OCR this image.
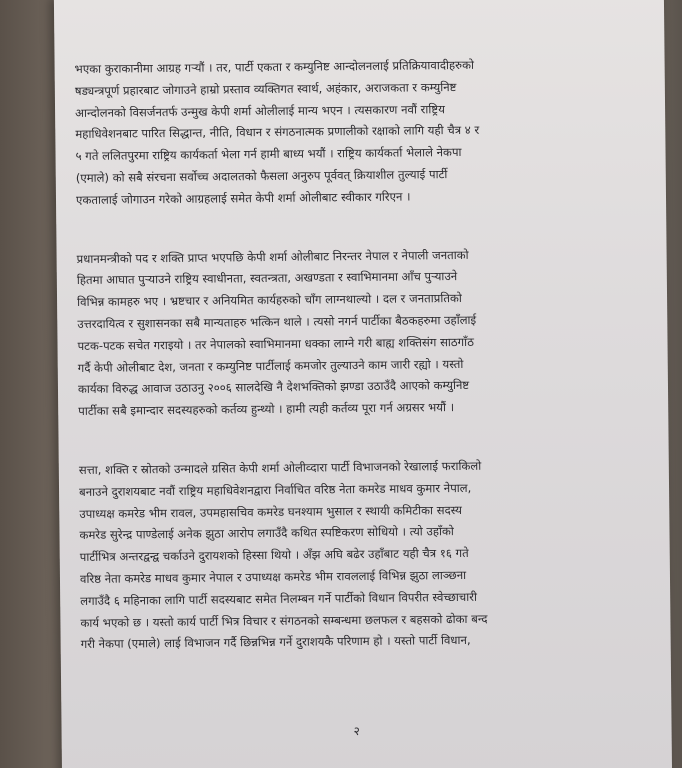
भएका कुराकानीमा आग्रह गर्‍यौं । तर, पार्टी एकता र कम्युनिष्ट आन्दोलनलाई प्रतिक्रियावादीहरुको
षड्यन्त्रपूर्ण प्रहारबाट जोगाउने हाम्रो प्रस्ताव व्यक्तिगत स्वार्थ, अहंकार, अराजकता र कम्युनिष्ट
आन्दोलनको विसर्जनतर्फ उन्मुख केपी शर्मा ओलीलाई मान्य भएन । त्यसकारण नवौं राष्ट्रिय
महाधिवेशनबाट पारित सिद्धान्त, नीति, विधान र संगठनात्मक प्रणालीको रक्षाको लागि यही चैत्र ४ र
५ गते ललितपुरमा राष्ट्रिय कार्यकर्ता भेला गर्न हामी बाध्य भयौं । राष्ट्रिय कार्यकर्ता भेलाले नेकपा
(एमाले) को सबै संरचना सर्वोच्च अदालतको फैसला अनुरुप पूर्ववत् क्रियाशील तुल्याई पार्टी
एकतालाई जोगाउन गरेको आग्रहलाई समेत केपी शर्मा ओलीबाट स्वीकार गरिएन ।
प्रधानमन्त्रीको पद र शक्ति प्राप्त भएपछि केपी शर्मा ओलीबाट निरन्तर नेपाल र नेपाली जनताको
हितमा आघात पुर्‍याउने राष्ट्रिय स्वाधीनता, स्वतन्त्रता, अखण्डता र स्वाभिमानमा आँच पुर्‍याउने
विभिन्न कामहरु भए । भ्रष्टचार र अनियमित कार्यहरुको चाँग लाग्नथाल्यो । दल र जनताप्रतिको
उत्तरदायित्व र सुशासनका सबै मान्यताहरु भत्किन थाले । त्यसो नगर्न पार्टीका बैठकहरुमा उहाँलाई
पटक-पटक सचेत गराइयो । तर नेपालको स्वाभिमानमा धक्का लाग्ने गरी बाह्य शक्तिसंग साठगाँठ
गर्दै केपी ओलीबाट देश, जनता र कम्युनिष्ट पार्टीलाई कमजोर तुल्याउने काम जारी रह्यो । यस्तो
कार्यका विरुद्ध आवाज उठाउनु २००६ सालदेखि नै देशभक्तिको झण्डा उठाउँदै आएको कम्युनिष्ट
पार्टीका सबै इमान्दार सदस्यहरुको कर्तव्य हुन्थ्यो । हामी त्यही कर्तव्य पूरा गर्न अग्रसर भयौं ।
सत्ता, शक्ति र स्रोतको उन्मादले ग्रसित केपी शर्मा ओलीव्दारा पार्टी विभाजनको रेखालाई फराकिलो
बनाउने दुराशयबाट नवौं राष्ट्रिय महाधिवेशनद्वारा निर्वाचित वरिष्ठ नेता कमरेड माधव कुमार नेपाल,
उपाध्यक्ष कमरेड भीम रावल, उपमहासचिव कमरेड घनश्याम भुसाल र स्थायी कमिटीका सदस्य
कमरेड सुरेन्द्र पाण्डेलाई अनेक झुठा आरोप लगाउँदै कथित स्पष्टिकरण सोधियो । त्यो उहाँको
पार्टीभित्र अन्तरद्वन्द्व चर्काउने दुरायशको हिस्सा थियो । अँझ अघि बढेर उहाँबाट यही चैत्र १६ गते
वरिष्ठ नेता कमरेड माधव कुमार नेपाल र उपाध्यक्ष कमरेड भीम रावललाई विभिन्न झुठा लाञ्छना
लगाउँदै ६ महिनाका लागि पार्टी सदस्यबाट समेत निलम्बन गर्ने पार्टीको विधान विपरीत स्वेच्छाचारी
कार्य भएको छ । यस्तो कार्य पार्टी भित्र विचार र संगठनको सम्बन्धमा छलफल र बहसको ढोका बन्द
गरी नेकपा (एमाले) लाई विभाजन गर्दै छिन्नभिन्न गर्ने दुराशयकै परिणाम हो । यस्तो पार्टी विधान,
२
